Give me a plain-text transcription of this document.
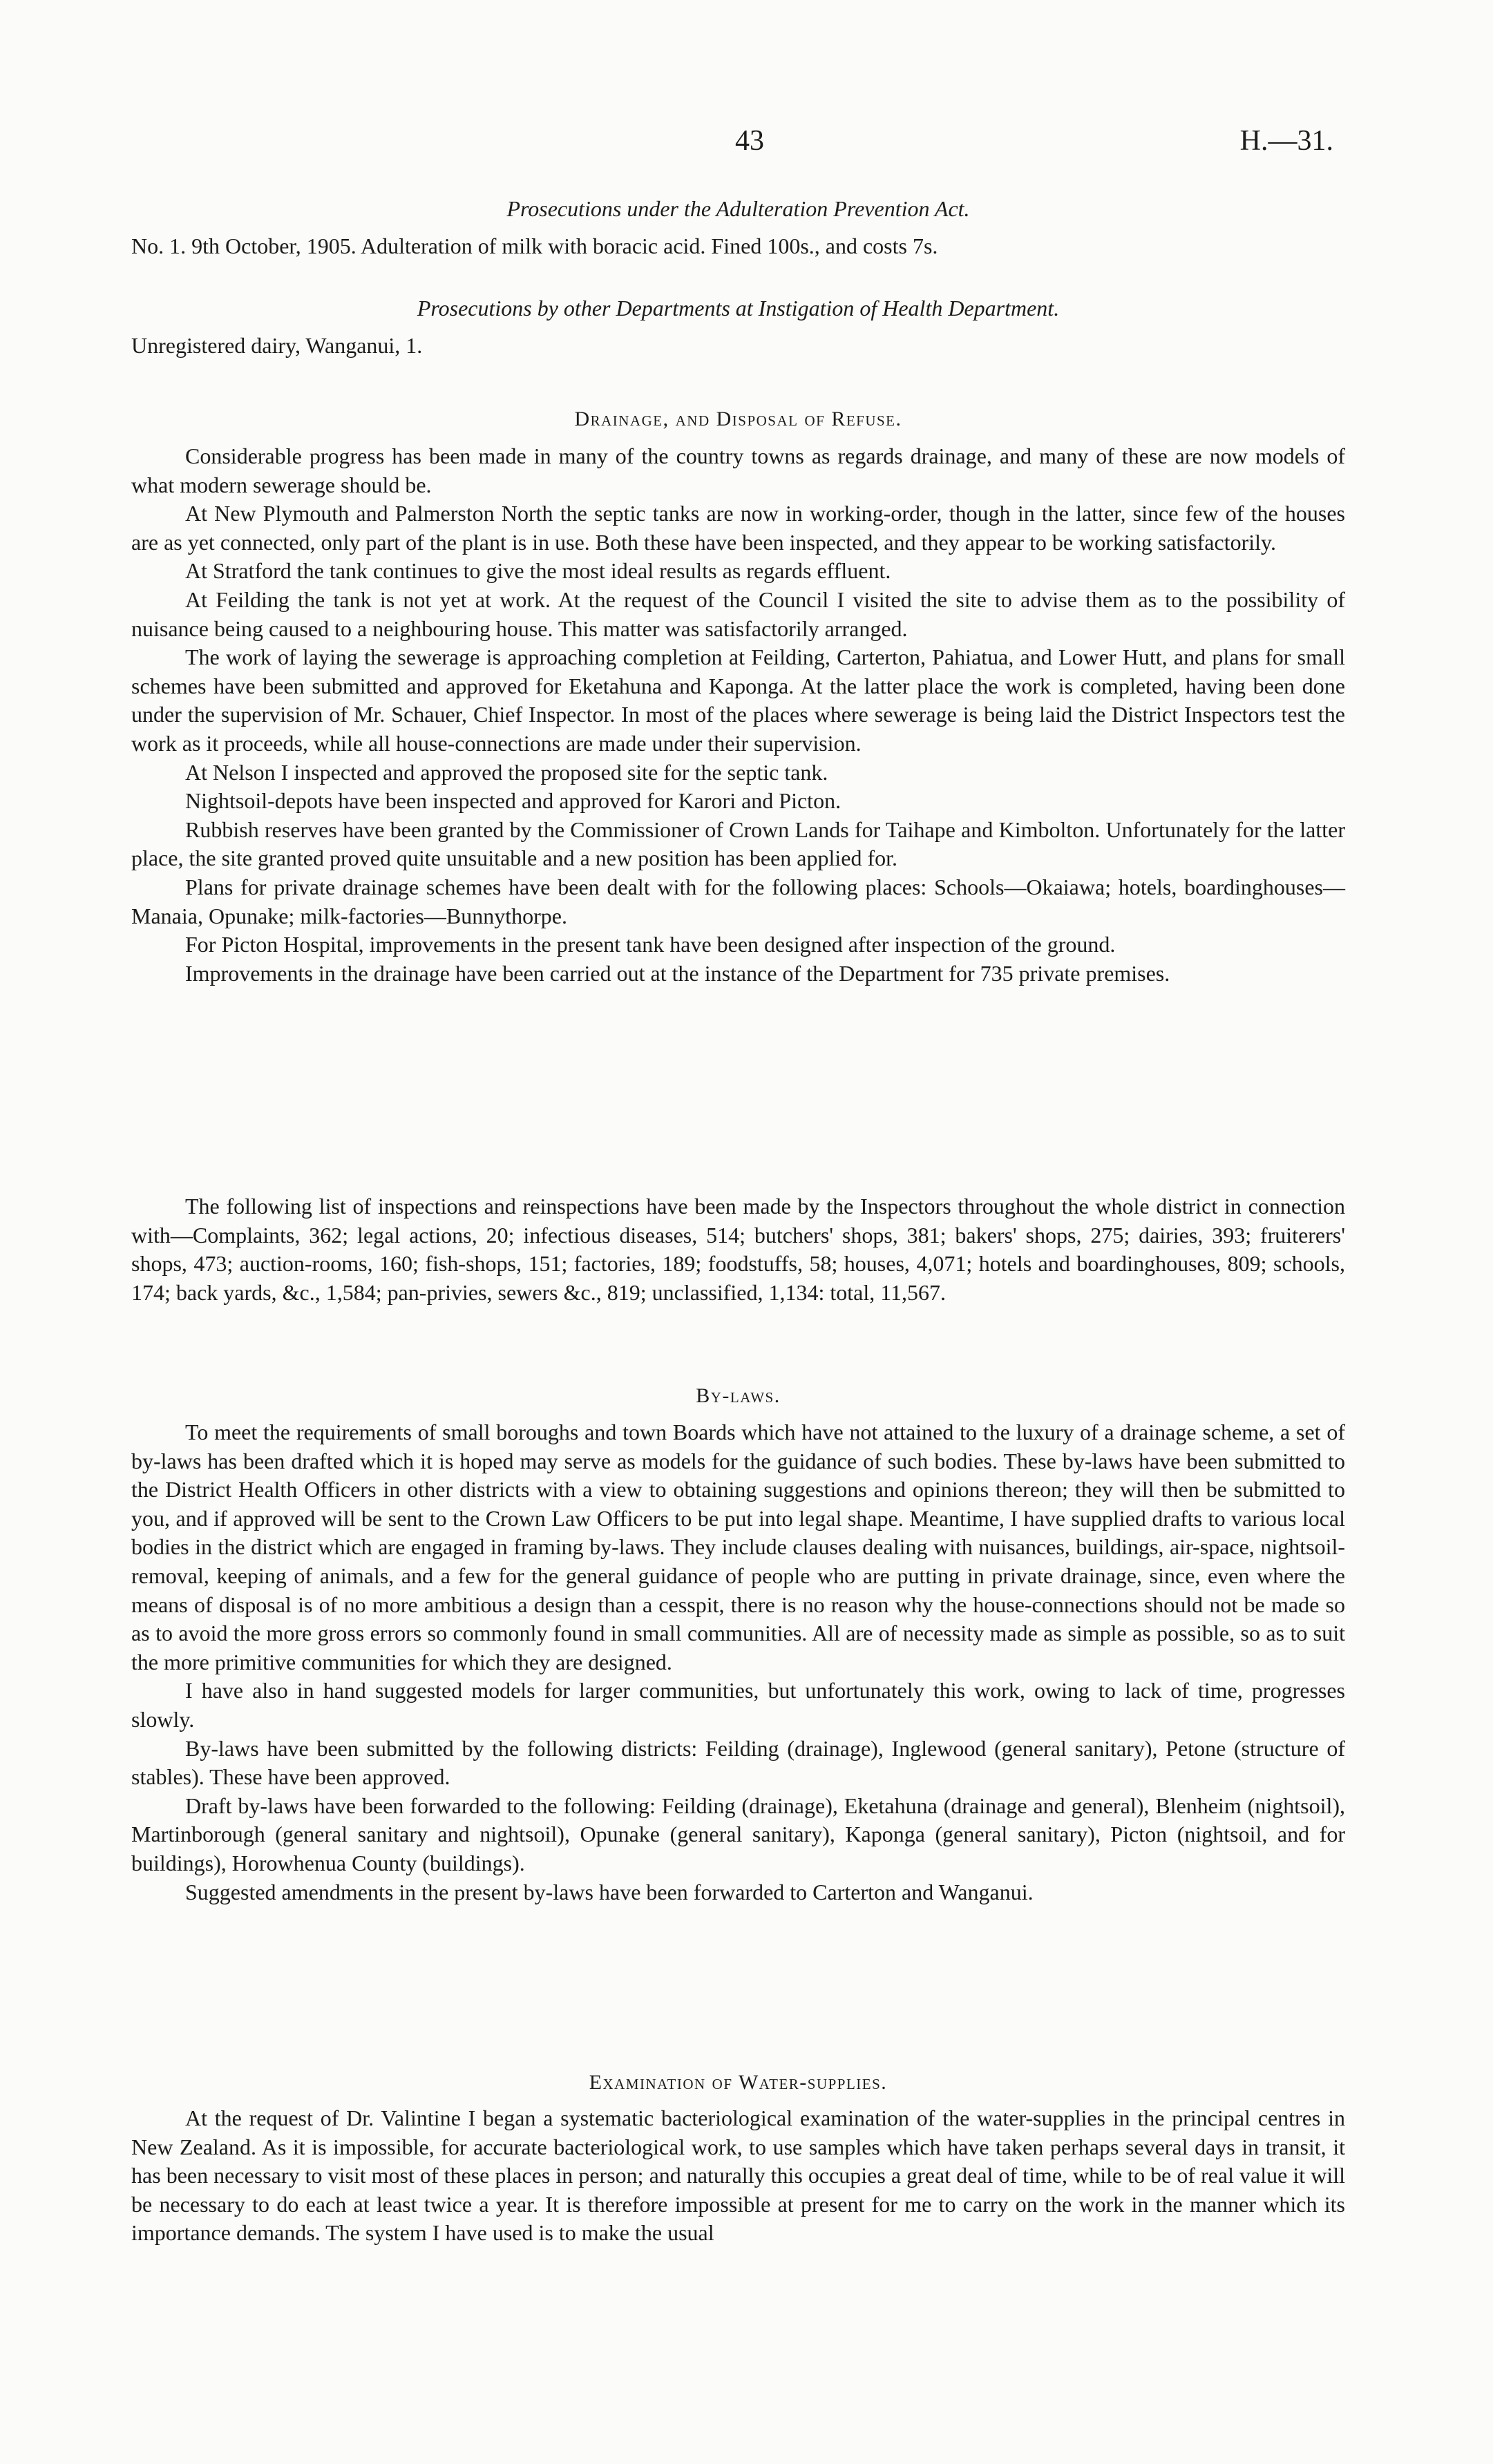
43	H.—31.
Prosecutions under the Adulteration Prevention Act.
No. 1. 9th October, 1905. Adulteration of milk with boracic acid. Fined 100s., and costs 7s.
Prosecutions by other Departments at Instigation of Health Department.
Unregistered dairy, Wanganui, 1.
Drainage, and Disposal of Refuse.

Considerable progress has been made in many of the country towns as regards drainage, and many of these are now models of what modern sewerage should be.

At New Plymouth and Palmerston North the septic tanks are now in working-order, though in the latter, since few of the houses are as yet connected, only part of the plant is in use. Both these have been inspected, and they appear to be working satisfactorily.

At Stratford the tank continues to give the most ideal results as regards effluent.

At Feilding the tank is not yet at work. At the request of the Council I visited the site to advise them as to the possibility of nuisance being caused to a neighbouring house. This matter was satisfactorily arranged.

The work of laying the sewerage is approaching completion at Feilding, Carterton, Pahiatua, and Lower Hutt, and plans for small schemes have been submitted and approved for Eketahuna and Kaponga. At the latter place the work is completed, having been done under the supervision of Mr. Schauer, Chief Inspector. In most of the places where sewerage is being laid the District Inspectors test the work as it proceeds, while all house-connections are made under their supervision.

At Nelson I inspected and approved the proposed site for the septic tank.

Nightsoil-depots have been inspected and approved for Karori and Picton.

Rubbish reserves have been granted by the Commissioner of Crown Lands for Taihape and Kimbolton. Unfortunately for the latter place, the site granted proved quite unsuitable and a new position has been applied for.

Plans for private drainage schemes have been dealt with for the following places: Schools—Okaiawa; hotels, boardinghouses—Manaia, Opunake; milk-factories—Bunnythorpe.

For Picton Hospital, improvements in the present tank have been designed after inspection of the ground.

Improvements in the drainage have been carried out at the instance of the Department for 735 private premises.

The following list of inspections and reinspections have been made by the Inspectors throughout the whole district in connection with—Complaints, 362; legal actions, 20; infectious diseases, 514; butchers' shops, 381; bakers' shops, 275; dairies, 393; fruiterers' shops, 473; auction-rooms, 160; fish-shops, 151; factories, 189; foodstuffs, 58; houses, 4,071; hotels and boardinghouses, 809; schools, 174; back yards, &c., 1,584; pan-privies, sewers &c., 819; unclassified, 1,134: total, 11,567.

By-laws.

To meet the requirements of small boroughs and town Boards which have not attained to the luxury of a drainage scheme, a set of by-laws has been drafted which it is hoped may serve as models for the guidance of such bodies. These by-laws have been submitted to the District Health Officers in other districts with a view to obtaining suggestions and opinions thereon; they will then be submitted to you, and if approved will be sent to the Crown Law Officers to be put into legal shape. Meantime, I have supplied drafts to various local bodies in the district which are engaged in framing by-laws. They include clauses dealing with nuisances, buildings, air-space, nightsoil-removal, keeping of animals, and a few for the general guidance of people who are putting in private drainage, since, even where the means of disposal is of no more ambitious a design than a cesspit, there is no reason why the house-connections should not be made so as to avoid the more gross errors so commonly found in small communities. All are of necessity made as simple as possible, so as to suit the more primitive communities for which they are designed.

I have also in hand suggested models for larger communities, but unfortunately this work, owing to lack of time, progresses slowly.

By-laws have been submitted by the following districts: Feilding (drainage), Inglewood (general sanitary), Petone (structure of stables). These have been approved.

Draft by-laws have been forwarded to the following: Feilding (drainage), Eketahuna (drainage and general), Blenheim (nightsoil), Martinborough (general sanitary and nightsoil), Opunake (general sanitary), Kaponga (general sanitary), Picton (nightsoil, and for buildings), Horowhenua County (buildings).

Suggested amendments in the present by-laws have been forwarded to Carterton and Wanganui.

Examination of Water-supplies.

At the request of Dr. Valintine I began a systematic bacteriological examination of the water-supplies in the principal centres in New Zealand. As it is impossible, for accurate bacteriological work, to use samples which have taken perhaps several days in transit, it has been necessary to visit most of these places in person; and naturally this occupies a great deal of time, while to be of real value it will be necessary to do each at least twice a year. It is therefore impossible at present for me to carry on the work in the manner which its importance demands. The system I have used is to make the usual
